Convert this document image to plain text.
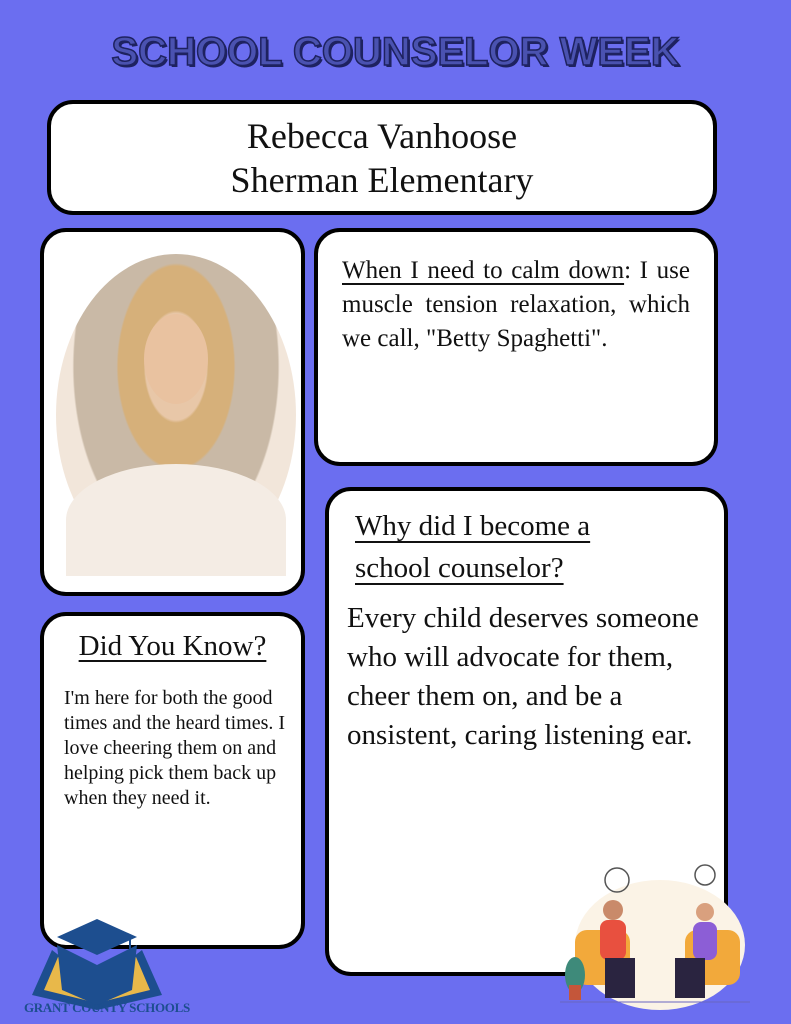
SCHOOL COUNSELOR WEEK
Rebecca Vanhoose
Sherman Elementary
When I need to calm down: I use muscle tension relaxation, which we call, "Betty Spaghetti".
Why did I become a
school counselor?
Every child deserves someone who will advocate for them, cheer them on, and be a onsistent, caring listening ear.
Did You Know?
I'm here for both the good times and the heard times. I love cheering them on and helping pick them back up when they need it.
GRANT COUNTY SCHOOLS
